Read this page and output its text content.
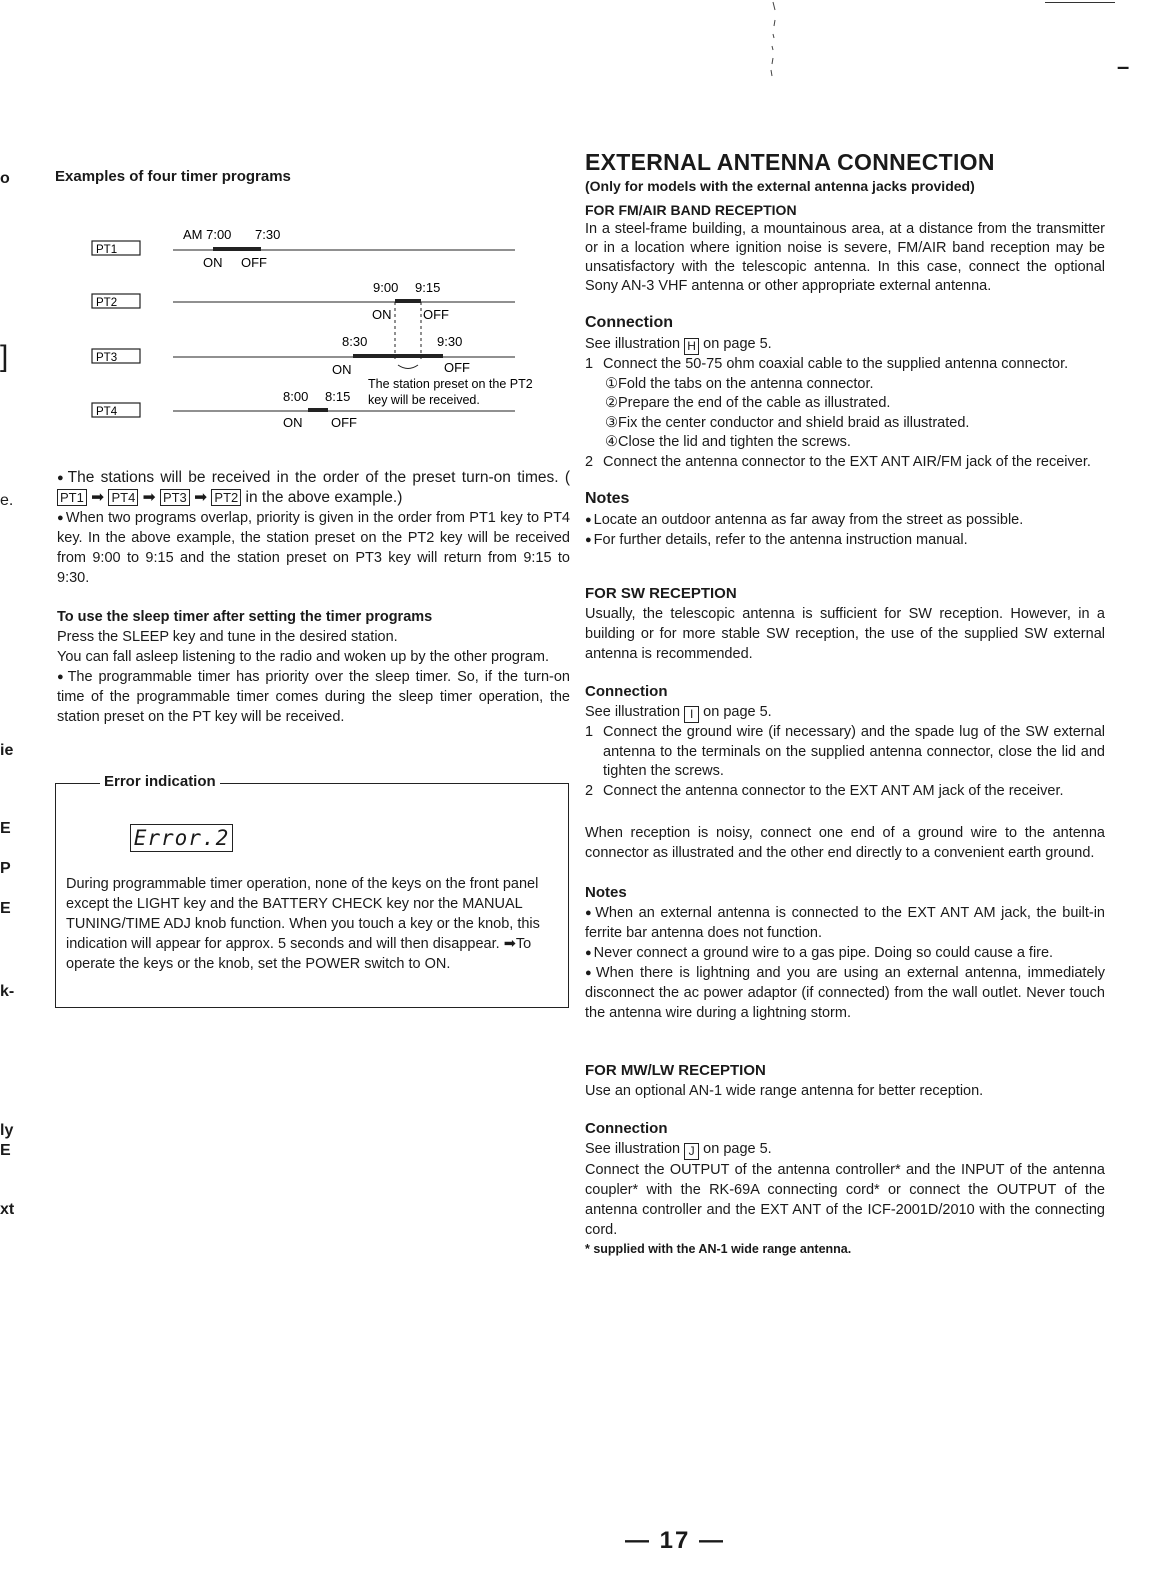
o
]
e.
ie
E
P
E
k-
ly
E
xt
–

Examples of four timer programs

PT1
AM 7:00 7:30
ON OFF
PT2
9:00 9:15
ON OFF
PT3
8:30	9:30
ON	OFF
The station preset on the PT2
key will be received.
PT4
8:00 8:15
ON OFF

● The stations will be received in the order of the preset turn-on times. (PT1 ➡ PT4 ➡ PT3 ➡ PT2 in the above example.)

● When two programs overlap, priority is given in the order from PT1 key to PT4 key. In the above example, the station preset on the PT2 key will be received from 9:00 to 9:15 and the station preset on PT3 key will return from 9:15 to 9:30.

To use the sleep timer after setting the timer programs

Press the SLEEP key and tune in the desired station.

You can fall asleep listening to the radio and woken up by the other program.

● The programmable timer has priority over the sleep timer. So, if the turn-on time of the programmable timer comes during the sleep timer operation, the station preset on the PT key will be received.

Error indication
Error.2
During programmable timer operation, none of the keys on the front panel except the LIGHT key and the BATTERY CHECK key nor the MANUAL TUNING/TIME ADJ knob function. When you touch a key or the knob, this indication will appear for approx. 5 seconds and will then disappear. ➡To operate the keys or the knob, set the POWER switch to ON.
EXTERNAL ANTENNA CONNECTION

(Only for models with the external antenna jacks provided)

FOR FM/AIR BAND RECEPTION

In a steel-frame building, a mountainous area, at a distance from the transmitter or in a location where ignition noise is severe, FM/AIR band reception may be unsatisfactory with the telescopic antenna. In this case, connect the optional Sony AN-3 VHF antenna or other appropriate external antenna.

Connection

See illustration H on page 5.

1 Connect the 50-75 ohm coaxial cable to the supplied antenna connector.
①Fold the tabs on the antenna connector.
②Prepare the end of the cable as illustrated.
③Fix the center conductor and shield braid as illustrated.
④Close the lid and tighten the screws.
2 Connect the antenna connector to the EXT ANT AIR/FM jack of the receiver.

Notes

● Locate an outdoor antenna as far away from the street as possible.

● For further details, refer to the antenna instruction manual.

FOR SW RECEPTION

Usually, the telescopic antenna is sufficient for SW reception. However, in a building or for more stable SW reception, the use of the supplied SW external antenna is recommended.

Connection

See illustration I on page 5.

1 Connect the ground wire (if necessary) and the spade lug of the SW external antenna to the terminals on the supplied antenna connector, close the lid and tighten the screws.
2 Connect the antenna connector to the EXT ANT AM jack of the receiver.

When reception is noisy, connect one end of a ground wire to the antenna connector as illustrated and the other end directly to a convenient earth ground.

Notes

● When an external antenna is connected to the EXT ANT AM jack, the built-in ferrite bar antenna does not function.

● Never connect a ground wire to a gas pipe. Doing so could cause a fire.

● When there is lightning and you are using an external antenna, immediately disconnect the ac power adaptor (if connected) from the wall outlet. Never touch the antenna wire during a lightning storm.

FOR MW/LW RECEPTION

Use an optional AN-1 wide range antenna for better reception.

Connection

See illustration J on page 5.

Connect the OUTPUT of the antenna controller* and the INPUT of the antenna coupler* with the RK-69A connecting cord* or connect the OUTPUT of the antenna controller and the EXT ANT of the ICF-2001D/2010 with the connecting cord.

* supplied with the AN-1 wide range antenna.

— 17 —
